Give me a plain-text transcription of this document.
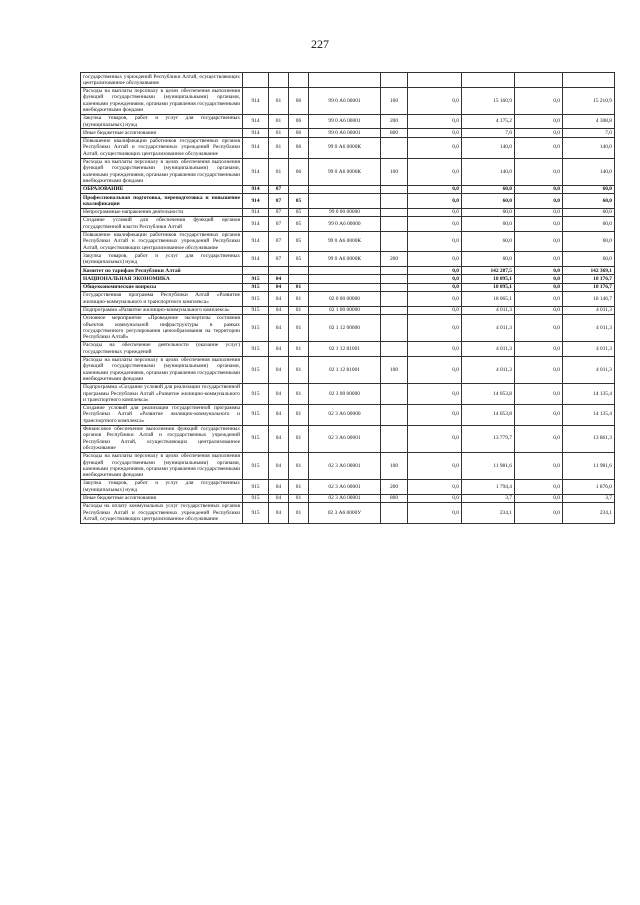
227
государственных учреждений Республики Алтай, осуществляющих централизованное обслуживание									
Расходы на выплаты персоналу в целях обеспечения выполнения функций государственными (муниципальными) органами, казенными учреждениями, органами управления государственными внебюджетными фондами	914	01	06	99 0 А6 00001	100	0,0	15 160,9	0,0	15 210,9
Закупка товаров, работ и услуг для государственных (муниципальных) нужд	914	01	06	99 0 А6 00001	200	0,0	4 175,2	0,0	4 308,8
Иные бюджетные ассигнования	914	01	06	99 0 А6 00001	800	0,0	7,0	0,0	7,0
Повышение квалификации работников государственных органов Республики Алтай и государственных учреждений Республики Алтай, осуществляющих централизованное обслуживание	914	01	06	99 0 А6 0000К		0,0	140,0	0,0	140,0
Расходы на выплаты персоналу в целях обеспечения выполнения функций государственными (муниципальными) органами, казенными учреждениями, органами управления государственными внебюджетными фондами	914	01	06	99 0 А6 0000К	100	0,0	140,0	0,0	140,0
ОБРАЗОВАНИЕ	914	07				0,0	60,0	0,0	60,0
Профессиональная подготовка, переподготовка и повышение квалификации	914	07	05			0,0	60,0	0,0	60,0
Непрограммные направления деятельности	914	07	05	99 0 00 00000		0,0	60,0	0,0	60,0
Создание условий для обеспечения функций органов государственной власти Республики Алтай	914	07	05	99 0 А6 00000		0,0	60,0	0,0	60,0
Повышение квалификации работников государственных органов Республики Алтай и государственных учреждений Республики Алтай, осуществляющих централизованное обслуживание	914	07	05	99 0 А6 0000К		0,0	60,0	0,0	60,0
Закупка товаров, работ и услуг для государственных (муниципальных) нужд	914	07	05	99 0 А6 0000К	200	0,0	60,0	0,0	60,0
Комитет по тарифам Республики Алтай						0,0	142 287,5	0,0	142 369,1
НАЦИОНАЛЬНАЯ ЭКОНОМИКА	915	04				0,0	18 095,1	0,0	18 176,7
Общеэкономические вопросы	915	04	01			0,0	18 095,1	0,0	18 176,7
Государственная программа Республики Алтай «Развитие жилищно-коммунального и транспортного комплекса»	915	04	01	02 0 00 00000		0,0	18 065,1	0,0	18 146,7
Подпрограмма «Развитие жилищно-коммунального комплекса»	915	04	01	02 1 00 00000		0,0	4 011,3	0,0	4 011,3
Основное мероприятие «Проведение экспертизы состояния объектов коммунальной инфраструктуры в рамках государственного регулирования ценообразования на территории Республики Алтай»	915	04	01	02 1 12 00000		0,0	4 011,3	0,0	4 011,3
Расходы на обеспечение деятельности (оказание услуг) государственных учреждений	915	04	01	02 1 12 81001		0,0	4 011,3	0,0	4 011,3
Расходы на выплаты персоналу в целях обеспечения выполнения функций государственными (муниципальными) органами, казенными учреждениями, органами управления государственными внебюджетными фондами	915	04	01	02 1 12 81001	100	0,0	4 011,3	0,0	4 011,3
Подпрограмма «Создание условий для реализации государственной программы Республики Алтай «Развитие жилищно-коммунального и транспортного комплекса»	915	04	01	02 3 00 00000		0,0	14 053,8	0,0	14 135,4
Создание условий для реализации государственной программы Республики Алтай «Развитие жилищно-коммунального и транспортного комплекса»	915	04	01	02 3 А6 00000		0,0	14 053,8	0,0	14 135,4
Финансовое обеспечение выполнения функций государственных органов Республики Алтай и государственных учреждений Республики Алтай, осуществляющих централизованное обслуживание	915	04	01	02 3 А6 00001		0,0	13 779,7	0,0	13 861,3
Расходы на выплаты персоналу в целях обеспечения выполнения функций государственными (муниципальными) органами, казенными учреждениями, органами управления государственными внебюджетными фондами	915	04	01	02 3 А6 00001	100	0,0	11 981,6	0,0	11 981,6
Закупка товаров, работ и услуг для государственных (муниципальных) нужд	915	04	01	02 3 А6 00001	200	0,0	1 794,4	0,0	1 876,0
Иные бюджетные ассигнования	915	04	01	02 3 А6 00001	800	0,0	3,7	0,0	3,7
Расходы на оплату коммунальных услуг государственных органов Республики Алтай и государственных учреждений Республики Алтай, осуществляющих централизованное обслуживание	915	04	01	02 3 А6 0000У		0,0	234,1	0,0	234,1
